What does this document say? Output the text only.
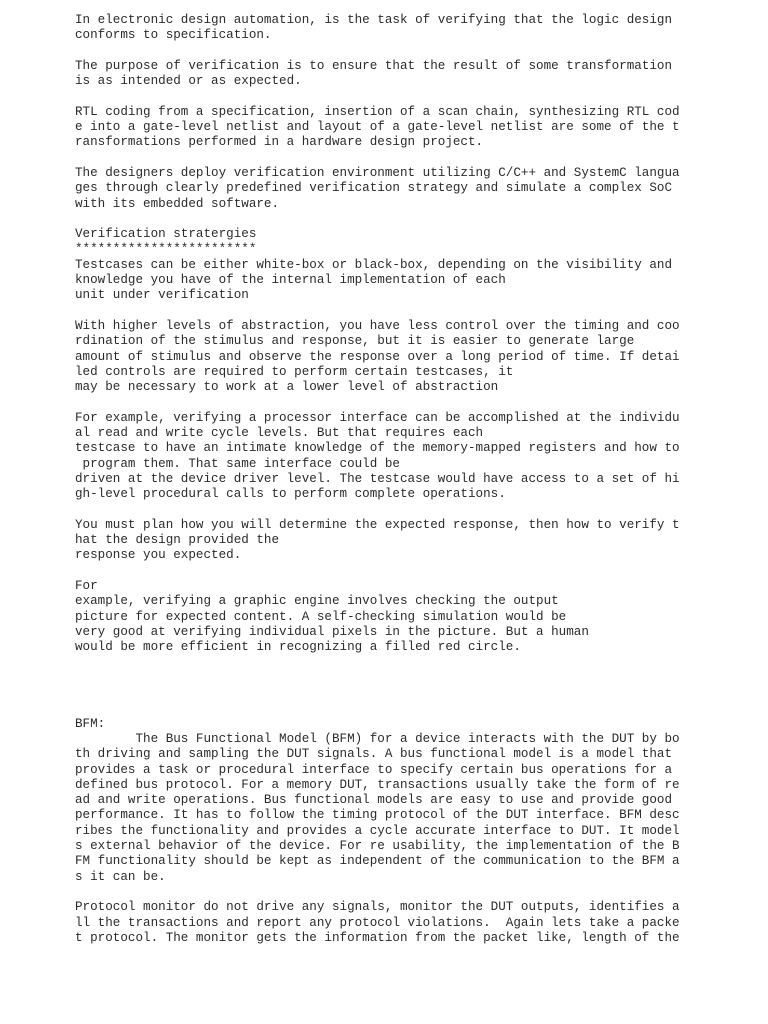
In electronic design automation, is the task of verifying that the logic design
conforms to specification.
The purpose of verification is to ensure that the result of some transformation
is as intended or as expected.
RTL coding from a specification, insertion of a scan chain, synthesizing RTL cod
e into a gate-level netlist and layout of a gate-level netlist are some of the t
ransformations performed in a hardware design project.
The designers deploy verification environment utilizing C/C++ and SystemC langua
ges through clearly predefined verification strategy and simulate a complex SoC
with its embedded software.
Verification stratergies
************************
Testcases can be either white-box or black-box, depending on the visibility and
knowledge you have of the internal implementation of each
unit under verification
With higher levels of abstraction, you have less control over the timing and coo
rdination of the stimulus and response, but it is easier to generate large
amount of stimulus and observe the response over a long period of time. If detai
led controls are required to perform certain testcases, it
may be necessary to work at a lower level of abstraction
For example, verifying a processor interface can be accomplished at the individu
al read and write cycle levels. But that requires each
testcase to have an intimate knowledge of the memory-mapped registers and how to
program them. That same interface could be
driven at the device driver level. The testcase would have access to a set of hi
gh-level procedural calls to perform complete operations.
You must plan how you will determine the expected response, then how to verify t
hat the design provided the
response you expected.
For
example, verifying a graphic engine involves checking the output
picture for expected content. A self-checking simulation would be
very good at verifying individual pixels in the picture. But a human
would be more efficient in recognizing a filled red circle.
BFM:
The Bus Functional Model (BFM) for a device interacts with the DUT by bo
th driving and sampling the DUT signals. A bus functional model is a model that
provides a task or procedural interface to specify certain bus operations for a
defined bus protocol. For a memory DUT, transactions usually take the form of re
ad and write operations. Bus functional models are easy to use and provide good
performance. It has to follow the timing protocol of the DUT interface. BFM desc
ribes the functionality and provides a cycle accurate interface to DUT. It model
s external behavior of the device. For re usability, the implementation of the B
FM functionality should be kept as independent of the communication to the BFM a
s it can be.
Protocol monitor do not drive any signals, monitor the DUT outputs, identifies a
ll the transactions and report any protocol violations.  Again lets take a packe
t protocol. The monitor gets the information from the packet like, length of the
